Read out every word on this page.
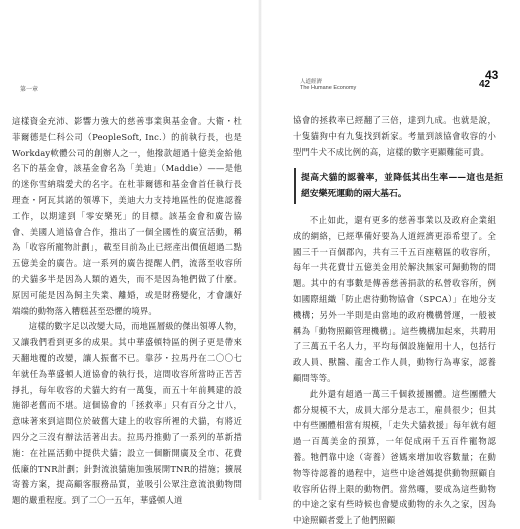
第一章

這樣資金充沛、影響力強大的慈善事業與基金會。大衛・杜菲爾德是仁科公司（PeopleSoft, Inc.）的前執行長，也是Workday軟體公司的創辦人之一，他撥款超過十億美金給他名下的基金會，該基金會名為「美迪」（Maddie）——是他的迷你雪納瑞愛犬的名字。在杜菲爾德和基金會首任執行長理查・阿瓦其諾的領導下，美迪大力支持地區性的促進認養工作，以期達到「零安樂死」的目標。該基金會和廣告協會、美國人道協會合作，推出了一個全國性的廣宣活動，稱為「收容所寵物計劃」，載至目前為止已經產出價值超過二點五億美金的廣告。這一系列的廣告提醒人們，流落至收容所的犬貓多半是因為人類的過失，而不是因為牠們做了什麼。原因可能是因為飼主失業、離婚，或是財務變化，才會讓好端端的動物落入糟糕甚至恐懼的境界。

這樣的數字足以改變大局，而地區層級的傑出領導人物，又讓我們看到更多的成果。其中華盛頓特區的例子更是帶來天翻地覆的改變，讓人振奮不已。靠莎・拉馬丹在二〇〇七年就任為華盛頓人道協會的執行長，這間收容所當時正苦苦掙扎，每年收容的犬貓大約有一萬隻，而五十年前興建的設施卻老舊而不堪。這個協會的「拯救率」只有百分之廿八，意味著來到這間位於破舊大建上的收容所裡的犬貓，有將近四分之三沒有辦法活著出去。拉馬丹推動了一系列的革新措施：在社區活動中提供犬貓；設立一個斷開廣及全市、花費低廉的TNR計劃；針對流浪貓施加強展開TNR的措施；擴展寄養方案，提高顧客服務品質，並吸引公眾注意流浪動物問題的嚴重程度。到了二〇一五年，華盛頓人道

人道經濟
The Humane Economy
43
42

協會的拯救率已經翻了三倍，達到九成。也就是說，十隻貓狗中有九隻找到新家。考量到該協會收容的小型門牛犬不成比例的高，這樣的數字更顯難能可貴。

提高犬貓的認養率，並降低其出生率——這也是拒絕安樂死運動的兩大基石。

不止如此，還有更多的慈善事業以及政府企業組成的網絡，已經準備好要為人道經濟更添希望了。全國三千一百個郡內，共有三千五百座轄區的收容所，每年一共花費廿五億美金用於解決無家可歸動物的問題。其中的有事數是傳善慈善捐款的私營收容所，例如國際組織「防止虐待動物協會（SPCA）」在地分支機構；另外一半則是由當地的政府機構營運，一般被稱為「動物照顧管理機構」。這些機構加起來，共聘用了三萬五千名人力，平均每個設施僱用十人，包括行政人員、獸醫、龍舍工作人員，動物行為專家，認養顧問等等。

此外還有超過一萬三千個救援團體。這些團體大都分規模不大，成員大部分是志工，雇員很少；但其中有些團體相當有規模，「走失犬貓救援」每年就有超過一百萬美金的預算，一年促成兩千五百件寵物認養。牠們靠中途（寄養）爸媽來增加收容數量；在動物等待認養的過程中，這些中途爸媽提供動物照顧自收容所佔得上限的動物們。當然囉，要成為這些動物的中途之家有些時候也會變成動物的永久之家，因為中途照顧者愛上了他們照顧
